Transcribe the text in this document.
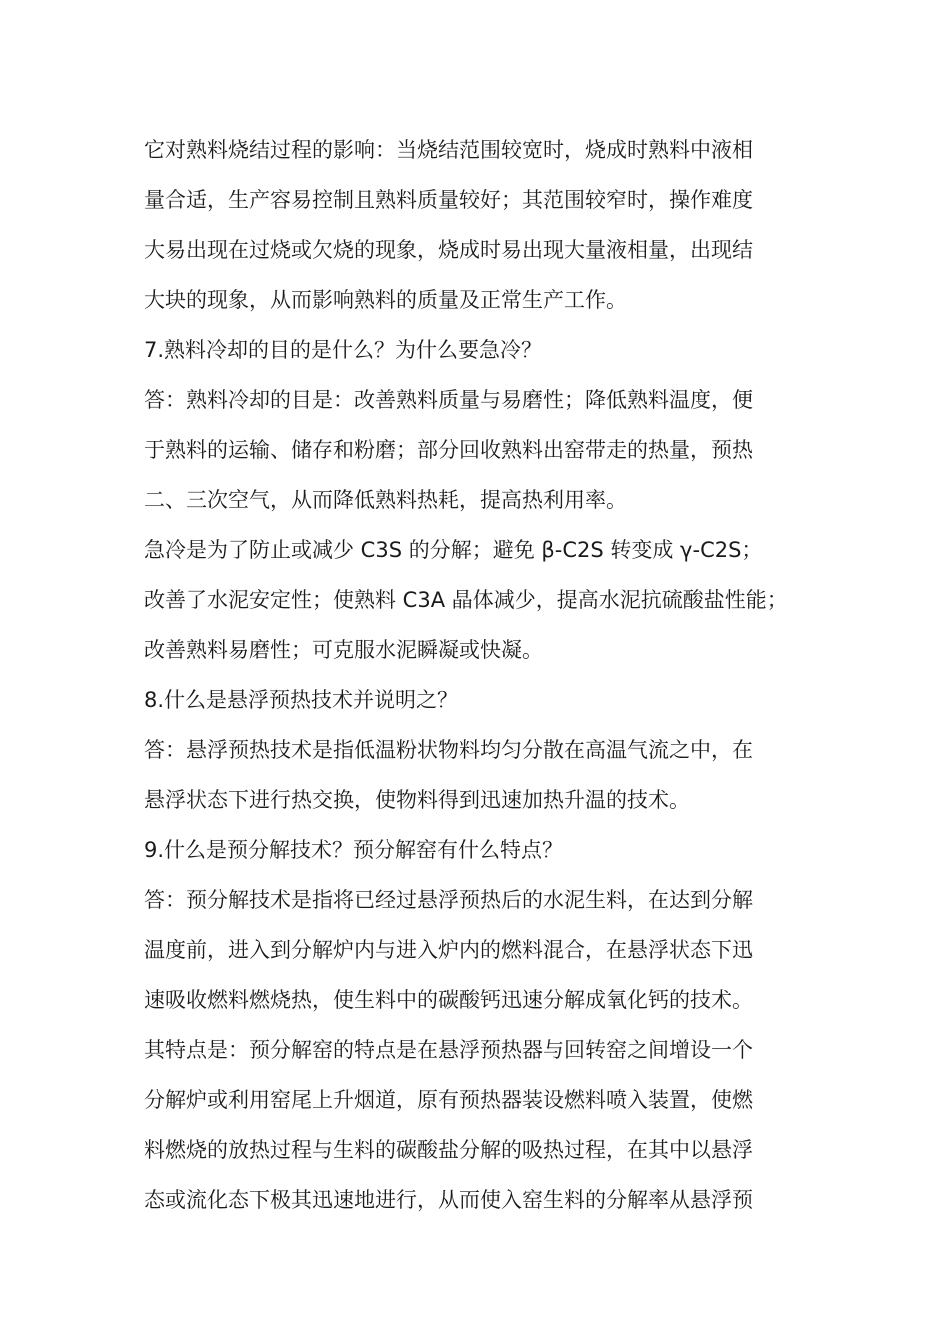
它对熟料烧结过程的影响：当烧结范围较宽时，烧成时熟料中液相
量合适，生产容易控制且熟料质量较好；其范围较窄时，操作难度
大易出现在过烧或欠烧的现象，烧成时易出现大量液相量，出现结
大块的现象，从而影响熟料的质量及正常生产工作。
7.熟料冷却的目的是什么？为什么要急冷？
答：熟料冷却的目是：改善熟料质量与易磨性；降低熟料温度，便
于熟料的运输、储存和粉磨；部分回收熟料出窑带走的热量，预热
二、三次空气，从而降低熟料热耗，提高热利用率。
急冷是为了防止或减少 C3S 的分解；避免 β-C2S 转变成 γ-C2S；
改善了水泥安定性；使熟料 C3A 晶体减少，提高水泥抗硫酸盐性能；
改善熟料易磨性；可克服水泥瞬凝或快凝。
8.什么是悬浮预热技术并说明之？
答：悬浮预热技术是指低温粉状物料均匀分散在高温气流之中，在
悬浮状态下进行热交换，使物料得到迅速加热升温的技术。
9.什么是预分解技术？预分解窑有什么特点？
答：预分解技术是指将已经过悬浮预热后的水泥生料，在达到分解
温度前，进入到分解炉内与进入炉内的燃料混合，在悬浮状态下迅
速吸收燃料燃烧热，使生料中的碳酸钙迅速分解成氧化钙的技术。
其特点是：预分解窑的特点是在悬浮预热器与回转窑之间增设一个
分解炉或利用窑尾上升烟道，原有预热器装设燃料喷入装置，使燃
料燃烧的放热过程与生料的碳酸盐分解的吸热过程，在其中以悬浮
态或流化态下极其迅速地进行，从而使入窑生料的分解率从悬浮预
